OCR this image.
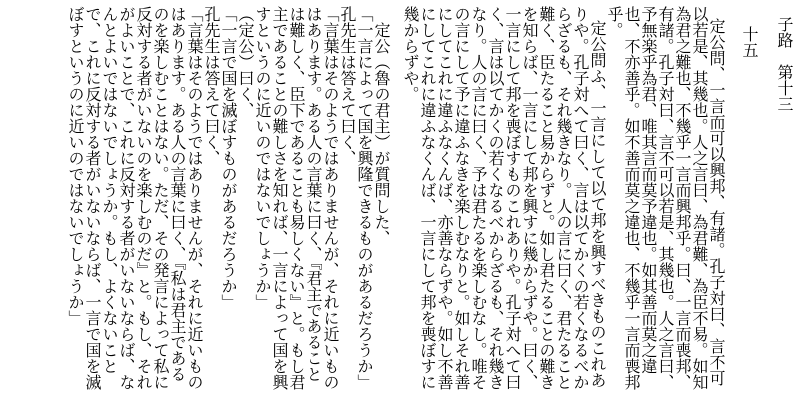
子路　第十三
十五
定公問、一言而可以興邦、有諸。孔子対曰、言不可以若是、其幾也。人之言曰、為君難、為臣不易。如知為君之難也、不幾乎一言而興邦乎。曰、一言而喪邦、有諸。孔子対曰、言不可以若是、其幾也。人之言曰、予無楽乎為君、唯其言而莫予違也。如其善而莫之違也、不亦善乎。如不善而莫之違也、不幾乎一言而喪邦乎。
定公問ふ、一言にして以て邦を興すべきものこれありや。孔子対へて曰く、言は以てかくの若くなるべからざるも、それ幾きなり。人の言に曰く、君たること難く、臣たること易からずと。如し君たることの難きを知らば、一言にして邦を興すに幾からずや。曰く、一言にして邦を喪ぼすものこれありや。孔子対へて曰く、言は以てかくの若くなるべからざるも、それ幾きなり。人の言に曰く、予は君たるを楽しむなし。唯その言にして予に違ふなきを楽しむなりと。如しそれ善にしてこれに違ふなくんば、亦善ならずや。如し不善にしてこれに違ふなくんば、一言にして邦を喪ぼすに幾からずや。
定公（魯の君主）が質問した、
「一言によって国を興隆できるものがあるだろうか」
孔先生は答えて曰く、
「言葉はそのようではありませんが、それに近いものはあります。ある人の言葉に曰く、『君主であることは難しく、臣下であることも易しくない』と。もし君主であることの難しさを知れば、一言によって国を興すというのに近いのではないでしょうか」
（定公）曰く、
「一言で国を滅ぼすものがあるだろうか」
孔先生は答えて曰く、
「言葉はそのようではありませんが、それに近いものはあります。ある人の言葉に曰く、『私は君主であるのを楽しむことはない。ただ、その発言によって私に反対する者がいないのを楽しむのだ』と。もし、それがよいことで、これに反対する者がいないならば、なんとよいではないでしょうか。もし、よくないことで、これに反対する者がいないならば、一言で国を滅ぼすというのに近いのではないでしょうか」
